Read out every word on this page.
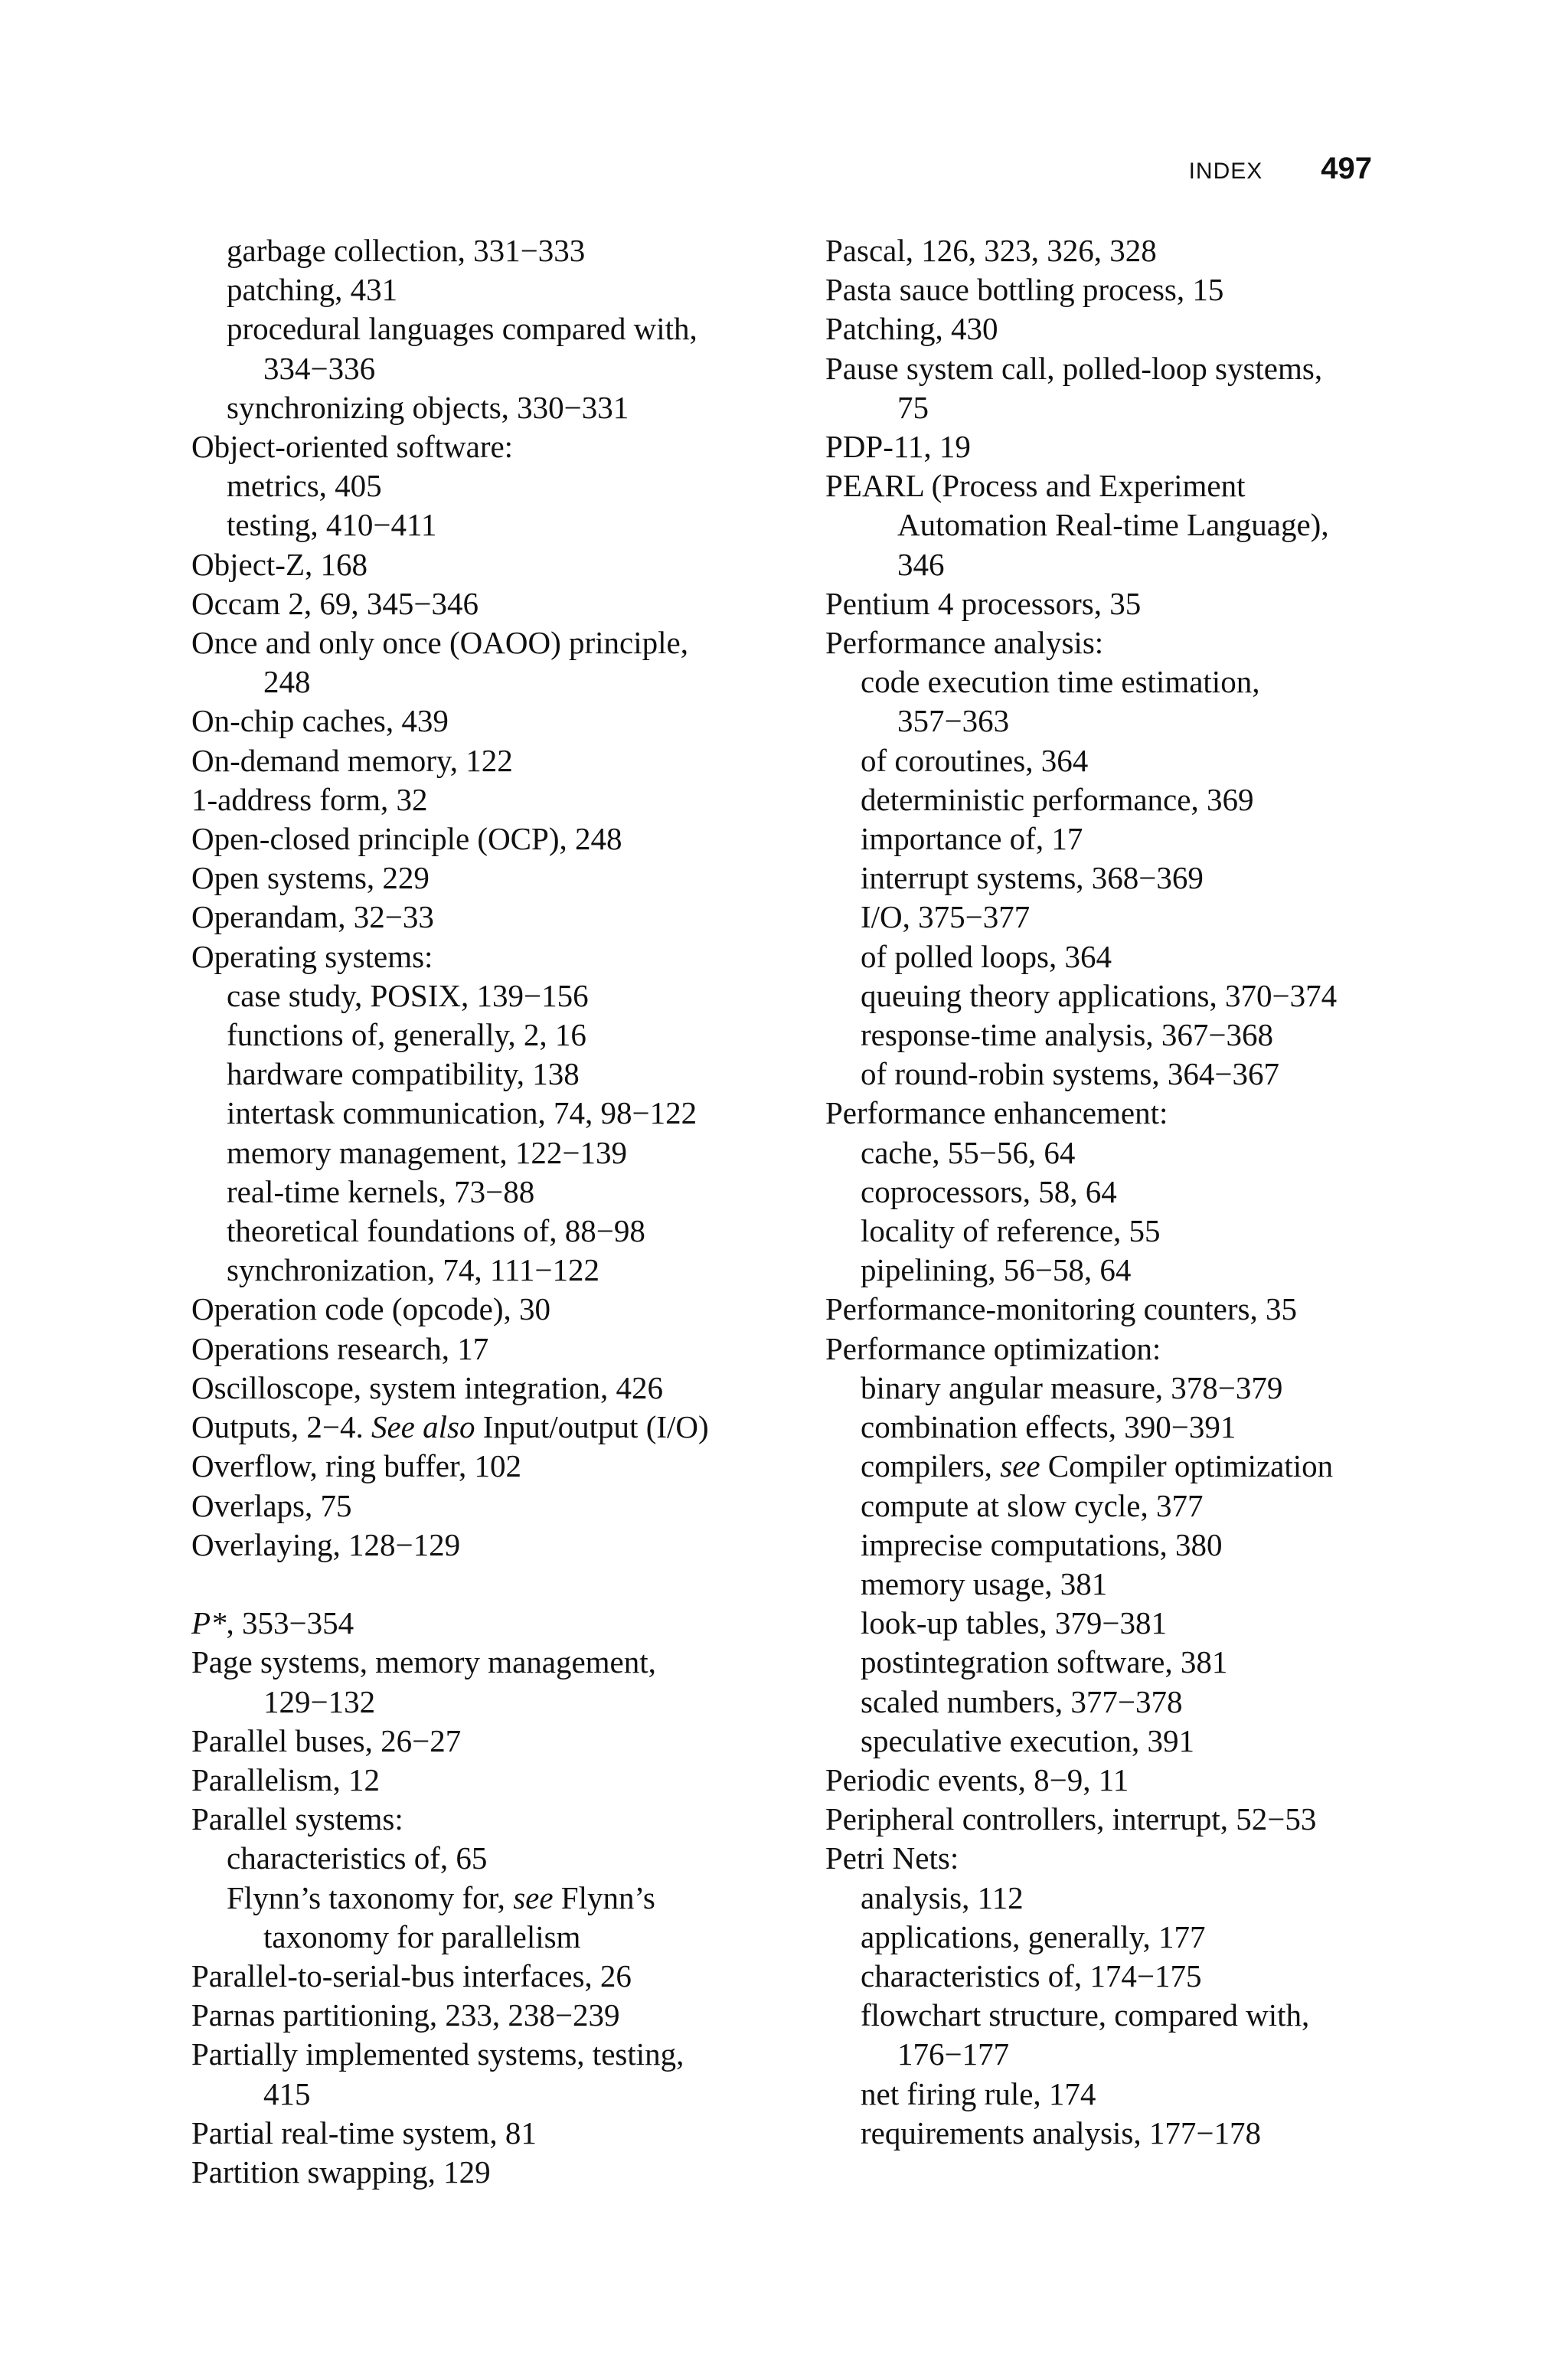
INDEX 497
garbage collection, 331−333
patching, 431
procedural languages compared with,
334−336
synchronizing objects, 330−331
Object-oriented software:
metrics, 405
testing, 410−411
Object-Z, 168
Occam 2, 69, 345−346
Once and only once (OAOO) principle,
248
On-chip caches, 439
On-demand memory, 122
1-address form, 32
Open-closed principle (OCP), 248
Open systems, 229
Operandam, 32−33
Operating systems:
case study, POSIX, 139−156
functions of, generally, 2, 16
hardware compatibility, 138
intertask communication, 74, 98−122
memory management, 122−139
real-time kernels, 73−88
theoretical foundations of, 88−98
synchronization, 74, 111−122
Operation code (opcode), 30
Operations research, 17
Oscilloscope, system integration, 426
Outputs, 2−4. See also Input/output (I/O)
Overflow, ring buffer, 102
Overlaps, 75
Overlaying, 128−129
P*, 353−354
Page systems, memory management,
129−132
Parallel buses, 26−27
Parallelism, 12
Parallel systems:
characteristics of, 65
Flynn’s taxonomy for, see Flynn’s
taxonomy for parallelism
Parallel-to-serial-bus interfaces, 26
Parnas partitioning, 233, 238−239
Partially implemented systems, testing,
415
Partial real-time system, 81
Partition swapping, 129
Pascal, 126, 323, 326, 328
Pasta sauce bottling process, 15
Patching, 430
Pause system call, polled-loop systems,
75
PDP-11, 19
PEARL (Process and Experiment
Automation Real-time Language),
346
Pentium 4 processors, 35
Performance analysis:
code execution time estimation,
357−363
of coroutines, 364
deterministic performance, 369
importance of, 17
interrupt systems, 368−369
I/O, 375−377
of polled loops, 364
queuing theory applications, 370−374
response-time analysis, 367−368
of round-robin systems, 364−367
Performance enhancement:
cache, 55−56, 64
coprocessors, 58, 64
locality of reference, 55
pipelining, 56−58, 64
Performance-monitoring counters, 35
Performance optimization:
binary angular measure, 378−379
combination effects, 390−391
compilers, see Compiler optimization
compute at slow cycle, 377
imprecise computations, 380
memory usage, 381
look-up tables, 379−381
postintegration software, 381
scaled numbers, 377−378
speculative execution, 391
Periodic events, 8−9, 11
Peripheral controllers, interrupt, 52−53
Petri Nets:
analysis, 112
applications, generally, 177
characteristics of, 174−175
flowchart structure, compared with,
176−177
net firing rule, 174
requirements analysis, 177−178
